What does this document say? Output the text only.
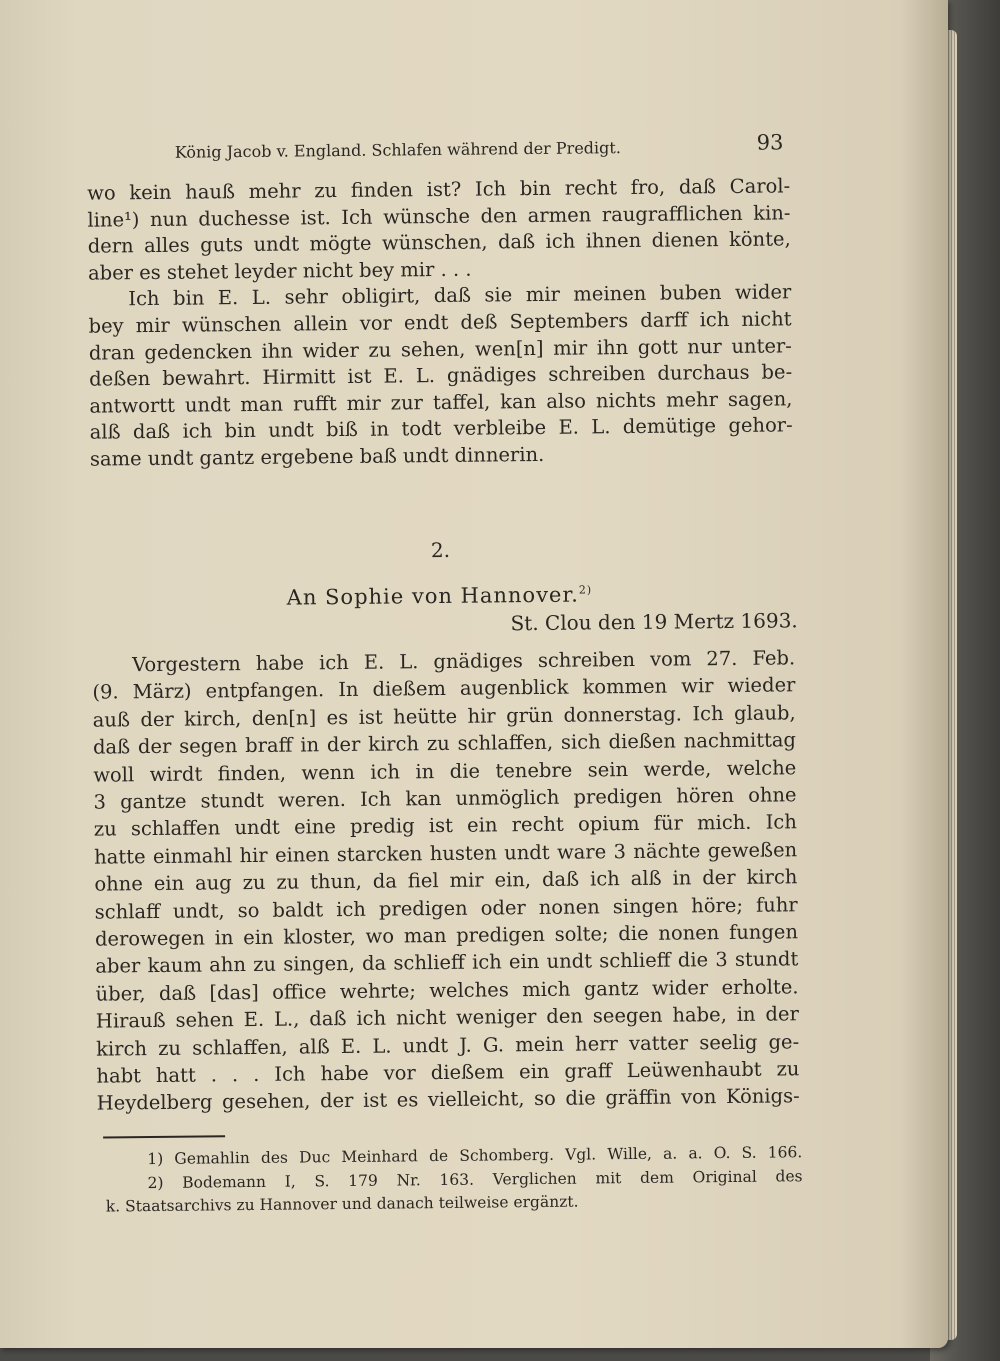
König Jacob v. England. Schlafen während der Predigt.	93
2.
An Sophie von Hannover.$^{2)}$
St. Clou den 19 Mertz 1693.
wo kein hauß mehr zu finden ist? Ich bin recht fro, daß Carol-
line¹) nun duchesse ist. Ich wünsche den armen raugrafflichen kin-
dern alles guts undt mögte wünschen, daß ich ihnen dienen könte,
aber es stehet leyder nicht bey mir . . .
Ich bin E. L. sehr obligirt, daß sie mir meinen buben wider
bey mir wünschen allein vor endt deß Septembers darff ich nicht
dran gedencken ihn wider zu sehen, wen[n] mir ihn gott nur unter-
deßen bewahrt. Hirmitt ist E. L. gnädiges schreiben durchaus be-
antwortt undt man rufft mir zur taffel, kan also nichts mehr sagen,
alß daß ich bin undt biß in todt verbleibe E. L. demütige gehor-
same undt gantz ergebene baß undt dinnerin.
Vorgestern habe ich E. L. gnädiges schreiben vom 27. Feb.
(9. März) entpfangen. In dießem augenblick kommen wir wieder
auß der kirch, den[n] es ist heütte hir grün donnerstag. Ich glaub,
daß der segen braff in der kirch zu schlaffen, sich dießen nachmittag
woll wirdt finden, wenn ich in die tenebre sein werde, welche
3 gantze stundt weren. Ich kan unmöglich predigen hören ohne
zu schlaffen undt eine predig ist ein recht opium für mich. Ich
hatte einmahl hir einen starcken husten undt ware 3 nächte geweßen
ohne ein aug zu zu thun, da fiel mir ein, daß ich alß in der kirch
schlaff undt, so baldt ich predigen oder nonen singen höre; fuhr
derowegen in ein kloster, wo man predigen solte; die nonen fungen
aber kaum ahn zu singen, da schlieff ich ein undt schlieff die 3 stundt
über, daß [das] office wehrte; welches mich gantz wider erholte.
Hirauß sehen E. L., daß ich nicht weniger den seegen habe, in der
kirch zu schlaffen, alß E. L. undt J. G. mein herr vatter seelig ge-
habt hatt . . . Ich habe vor dießem ein graff Leüwenhaubt zu
Heydelberg gesehen, der ist es vielleicht, so die gräffin von Königs-
1) Gemahlin des Duc Meinhard de Schomberg. Vgl. Wille, a. a. O. S. 166.
2) Bodemann I, S. 179 Nr. 163. Verglichen mit dem Original des
k. Staatsarchivs zu Hannover und danach teilweise ergänzt.
